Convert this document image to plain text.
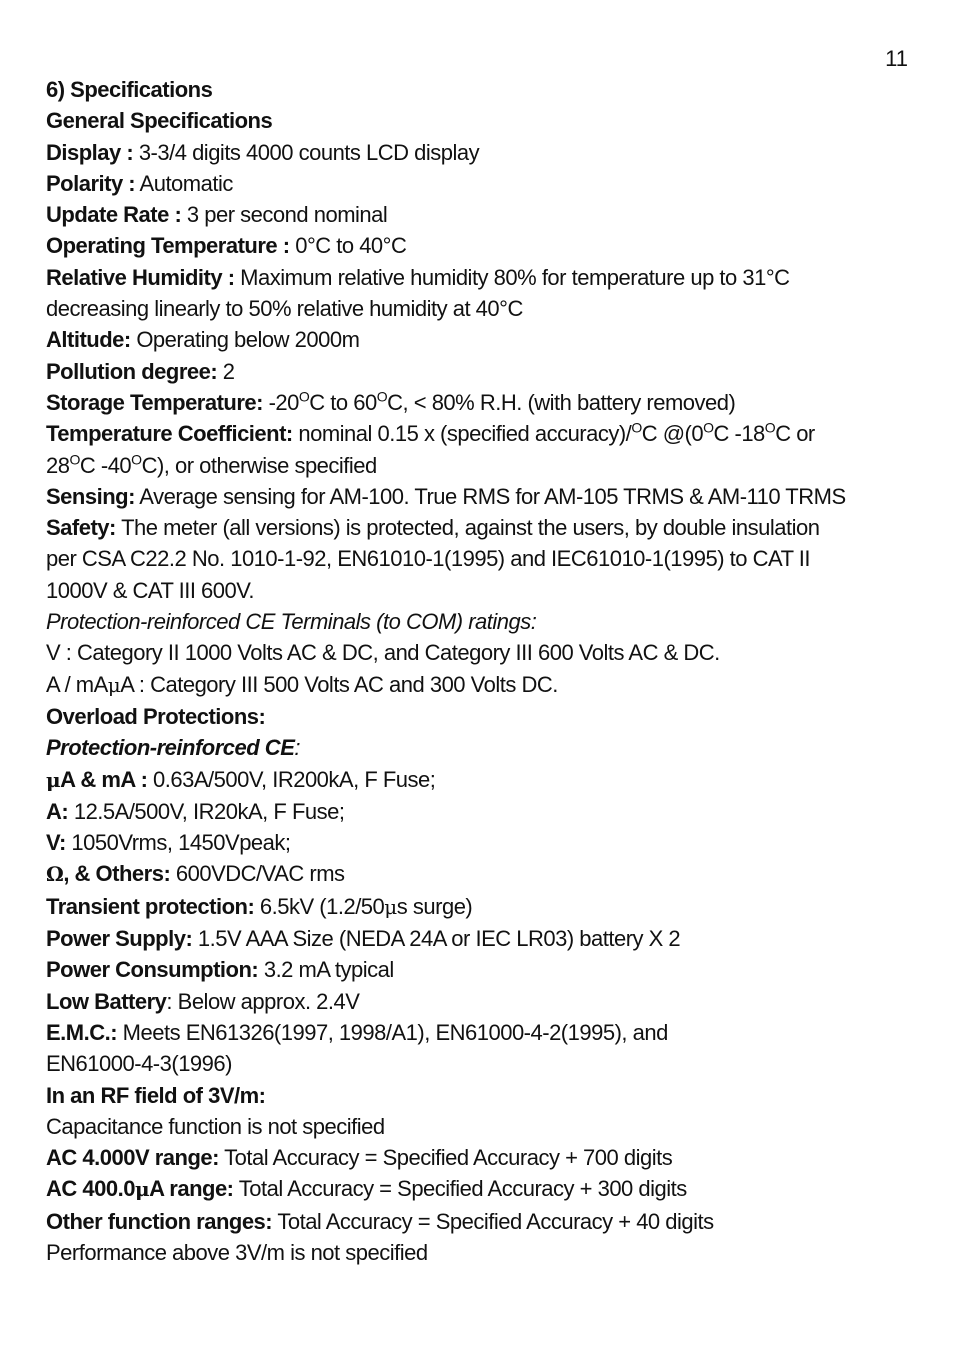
11
6) Specifications
General Specifications
Display : 3-3/4 digits 4000 counts LCD display
Polarity : Automatic
Update Rate : 3 per second nominal
Operating Temperature : 0°C to 40°C
Relative Humidity : Maximum relative humidity 80% for temperature up to 31°C
decreasing linearly to 50% relative humidity at 40°C
Altitude: Operating below 2000m
Pollution degree: 2
Storage Temperature: $-20^OC$ to $60^OC$, < 80% R.H. (with battery removed)
Temperature Coefficient: nominal 0.15 x (specified accuracy)/$^O$C $@(0^OC$ $-18^OC$ or
$28^OC$ $-40^OC$), or otherwise specified
Sensing: Average sensing for AM-100. True RMS for AM-105 TRMS & AM-110 TRMS
Safety: The meter (all versions) is protected, against the users, by double insulation
per CSA C22.2 No. 1010-1-92, EN61010-1(1995) and IEC61010-1(1995) to CAT II
1000V & CAT III 600V.
Protection-reinforced CE Terminals (to COM) ratings:
V : Category II 1000 Volts AC & DC, and Category III 600 Volts AC & DC.
A / mAμA : Category III 500 Volts AC and 300 Volts DC.
Overload Protections:
Protection-reinforced CE:
μA & mA : 0.63A/500V, IR200kA, F Fuse;
A: 12.5A/500V, IR20kA, F Fuse;
V: 1050Vrms, 1450Vpeak;
Ω, & Others: 600VDC/VAC rms
Transient protection: 6.5kV (1.2/50μs surge)
Power Supply: 1.5V AAA Size (NEDA 24A or IEC LR03) battery X 2
Power Consumption: 3.2 mA typical
Low Battery: Below approx. 2.4V
E.M.C.: Meets EN61326(1997, 1998/A1), EN61000-4-2(1995), and
EN61000-4-3(1996)
In an RF field of 3V/m:
Capacitance function is not specified
AC 4.000V range: Total Accuracy = Specified Accuracy + 700 digits
AC 400.0μA range: Total Accuracy = Specified Accuracy + 300 digits
Other function ranges: Total Accuracy = Specified Accuracy + 40 digits
Performance above 3V/m is not specified
